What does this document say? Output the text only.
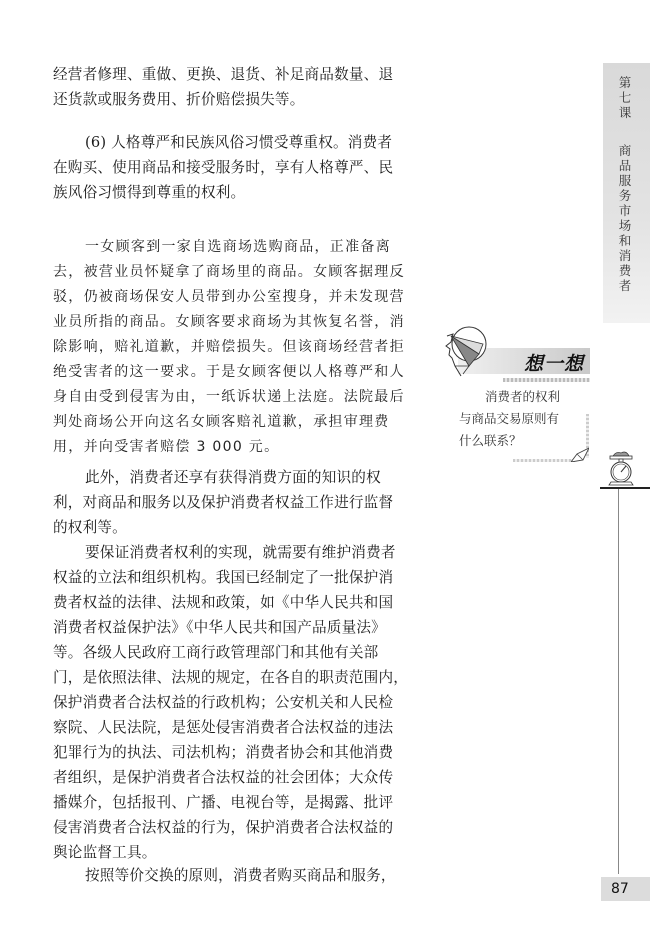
经营者修理、重做、更换、退货、补足商品数量、退
还货款或服务费用、折价赔偿损失等。
(6) 人格尊严和民族风俗习惯受尊重权。消费者
在购买、使用商品和接受服务时，享有人格尊严、民
族风俗习惯得到尊重的权利。
一女顾客到一家自选商场选购商品，正准备离
去，被营业员怀疑拿了商场里的商品。女顾客据理反
驳，仍被商场保安人员带到办公室搜身，并未发现营
业员所指的商品。女顾客要求商场为其恢复名誉，消
除影响，赔礼道歉，并赔偿损失。但该商场经营者拒
绝受害者的这一要求。于是女顾客便以人格尊严和人
身自由受到侵害为由，一纸诉状递上法庭。法院最后
判处商场公开向这名女顾客赔礼道歉，承担审理费
用，并向受害者赔偿 3 000 元。
此外，消费者还享有获得消费方面的知识的权
利，对商品和服务以及保护消费者权益工作进行监督
的权利等。
要保证消费者权利的实现，就需要有维护消费者
权益的立法和组织机构。我国已经制定了一批保护消
费者权益的法律、法规和政策，如《中华人民共和国
消费者权益保护法》《中华人民共和国产品质量法》
等。各级人民政府工商行政管理部门和其他有关部
门，是依照法律、法规的规定，在各自的职责范围内，
保护消费者合法权益的行政机构；公安机关和人民检
察院、人民法院，是惩处侵害消费者合法权益的违法
犯罪行为的执法、司法机构；消费者协会和其他消费
者组织，是保护消费者合法权益的社会团体；大众传
播媒介，包括报刊、广播、电视台等，是揭露、批评
侵害消费者合法权益的行为，保护消费者合法权益的
舆论监督工具。
按照等价交换的原则，消费者购买商品和服务，
第七课
商品服务市场和消费者
想一想
消费者的权利
与商品交易原则有
什么联系？
87
